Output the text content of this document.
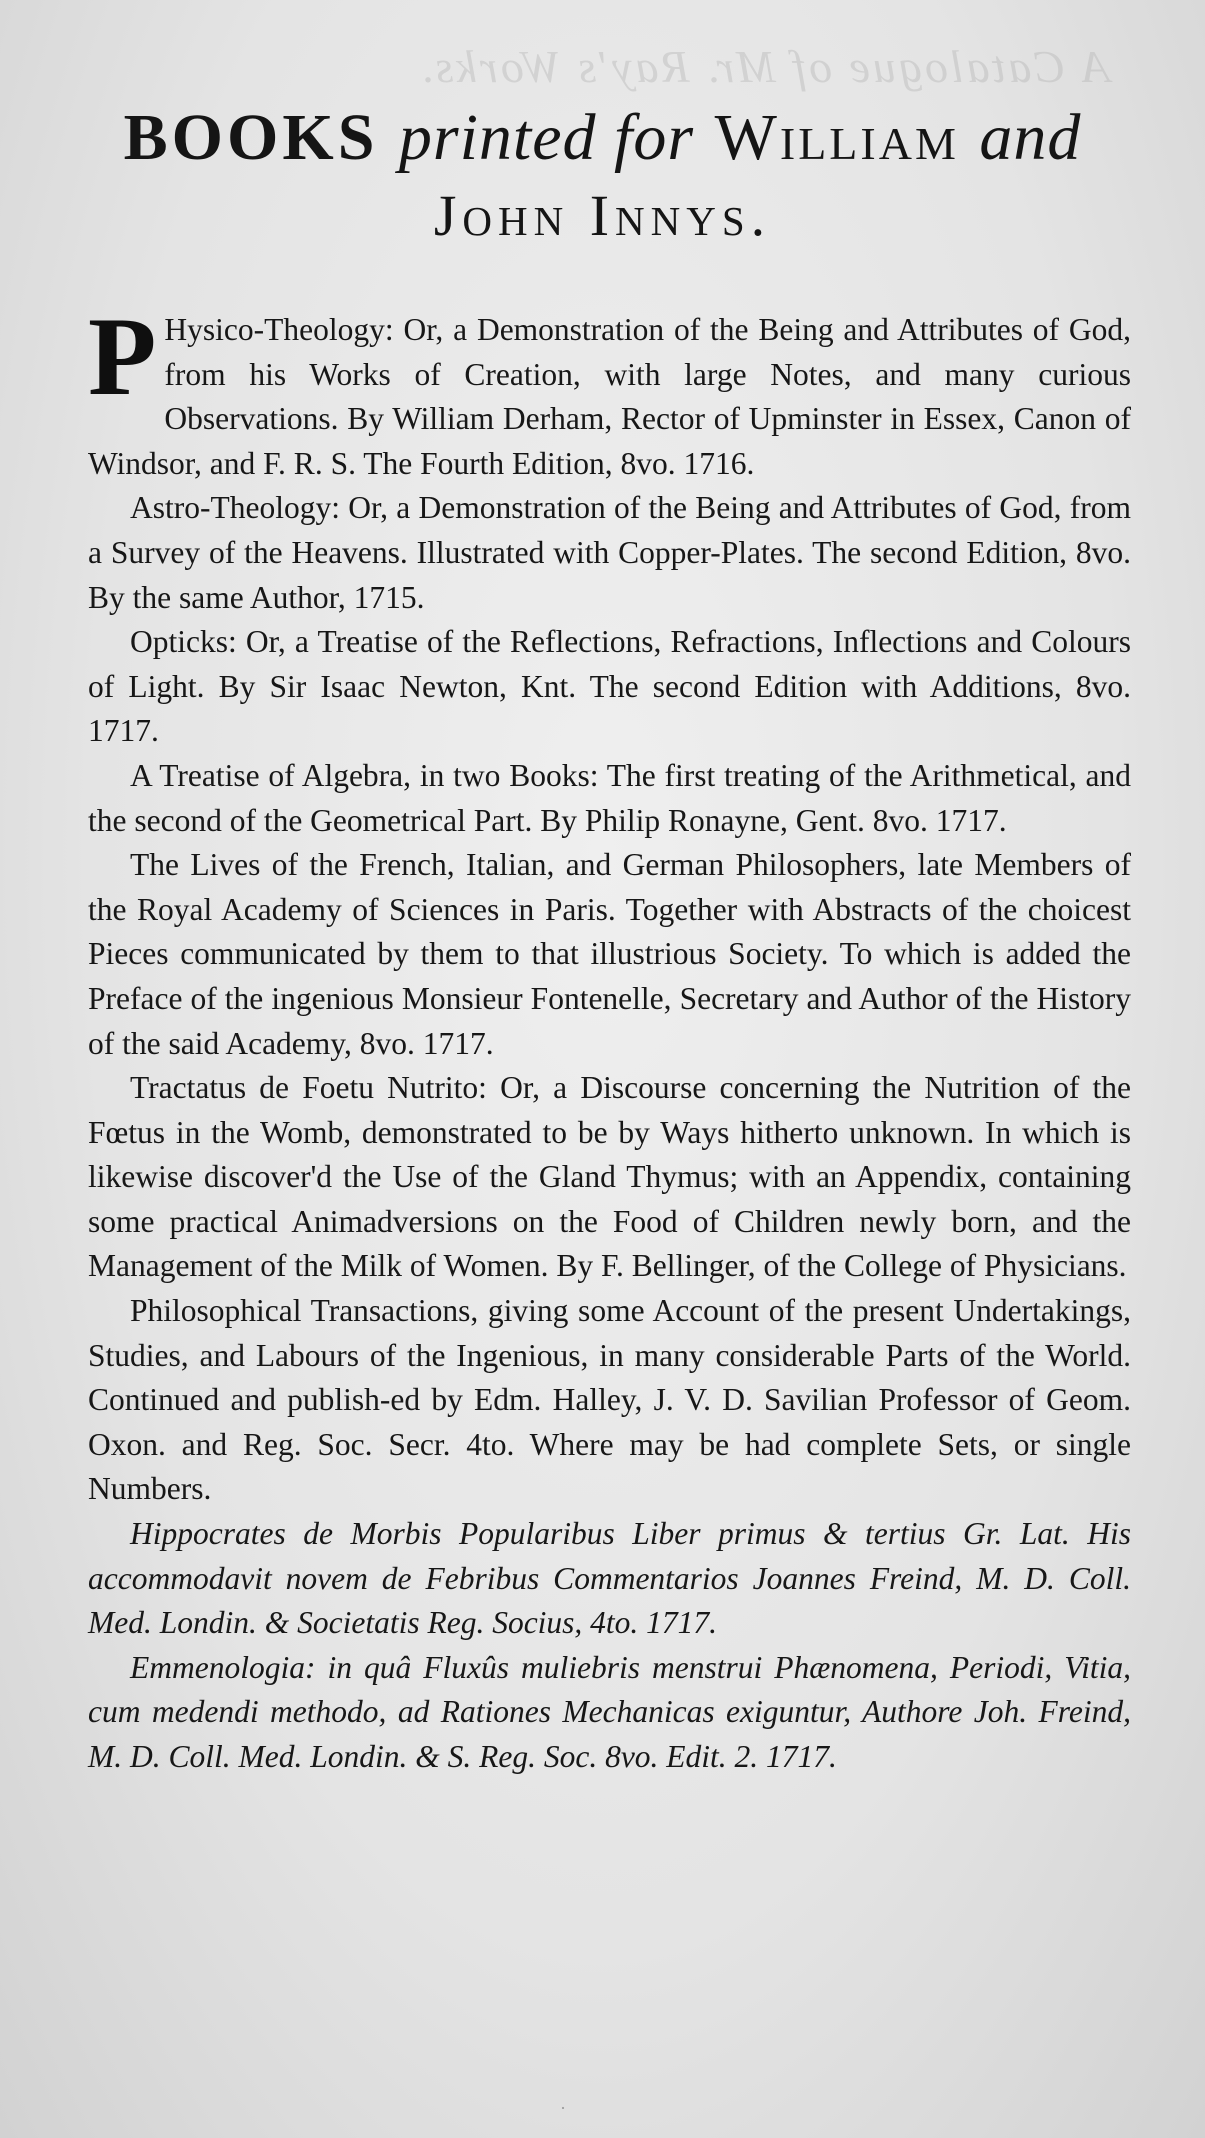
A Catalogue of Mr. Ray's Works.
BOOKS printed for William and
John Innys.

P Hysico-Theology: Or, a Demonstration of the Being and Attributes of God, from his Works of Creation, with large Notes, and many curious Observations. By William Derham, Rector of Upminster in Essex, Canon of Windsor, and F. R. S. The Fourth Edition, 8vo. 1716.

Astro-Theology: Or, a Demonstration of the Being and Attributes of God, from a Survey of the Heavens. Illustrated with Copper-Plates. The second Edition, 8vo. By the same Author, 1715.

Opticks: Or, a Treatise of the Reflections, Refractions, Inflections and Colours of Light. By Sir Isaac Newton, Knt. The second Edition with Additions, 8vo. 1717.

A Treatise of Algebra, in two Books: The first treating of the Arithmetical, and the second of the Geometrical Part. By Philip Ronayne, Gent. 8vo. 1717.

The Lives of the French, Italian, and German Philosophers, late Members of the Royal Academy of Sciences in Paris. Together with Abstracts of the choicest Pieces communicated by them to that illustrious Society. To which is added the Preface of the ingenious Monsieur Fontenelle, Secretary and Author of the History of the said Academy, 8vo. 1717.

Tractatus de Foetu Nutrito: Or, a Discourse concerning the Nutrition of the Fœtus in the Womb, demonstrated to be by Ways hitherto unknown. In which is likewise discover'd the Use of the Gland Thymus; with an Appendix, containing some practical Animadversions on the Food of Children newly born, and the Management of the Milk of Women. By F. Bellinger, of the College of Physicians.

Philosophical Transactions, giving some Account of the present Undertakings, Studies, and Labours of the Ingenious, in many considerable Parts of the World. Continued and publish-ed by Edm. Halley, J. V. D. Savilian Professor of Geom. Oxon. and Reg. Soc. Secr. 4to. Where may be had complete Sets, or single Numbers.

Hippocrates de Morbis Popularibus Liber primus & tertius Gr. Lat. His accommodavit novem de Febribus Commentarios Joannes Freind, M. D. Coll. Med. Londin. & Societatis Reg. Socius, 4to. 1717.

Emmenologia: in quâ Fluxûs muliebris menstrui Phænomena, Periodi, Vitia, cum medendi methodo, ad Rationes Mechanicas exiguntur, Authore Joh. Freind, M. D. Coll. Med. Londin. & S. Reg. Soc. 8vo. Edit. 2. 1717.

·
